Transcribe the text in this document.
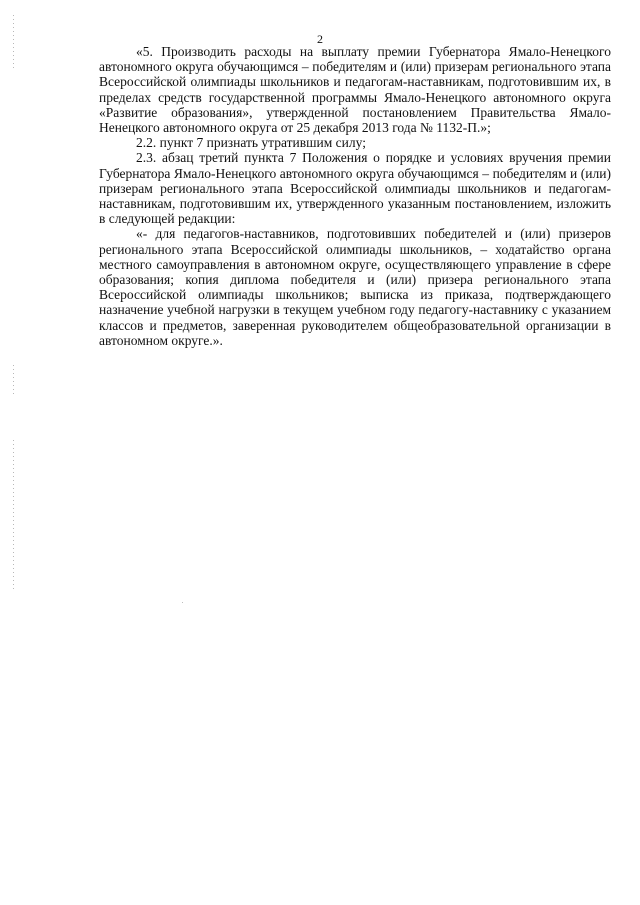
2

«5. Производить расходы на выплату премии Губернатора Ямало-Ненецкого автономного округа обучающимся – победителям и (или) призерам регионального этапа Всероссийской олимпиады школьников и педагогам-наставникам, подготовившим их, в пределах средств государственной программы Ямало-Ненецкого автономного округа «Развитие образования», утвержденной постановлением Правительства Ямало-Ненецкого автономного округа от 25 декабря 2013 года № 1132-П.»;

2.2. пункт 7 признать утратившим силу;

2.3. абзац третий пункта 7 Положения о порядке и условиях вручения премии Губернатора Ямало-Ненецкого автономного округа обучающимся – победителям и (или) призерам регионального этапа Всероссийской олимпиады школьников и педагогам-наставникам, подготовившим их, утвержденного указанным постановлением, изложить в следующей редакции:

«- для педагогов-наставников, подготовивших победителей и (или) призеров регионального этапа Всероссийской олимпиады школьников, – ходатайство органа местного самоуправления в автономном округе, осуществляющего управление в сфере образования; копия диплома победителя и (или) призера регионального этапа Всероссийской олимпиады школьников; выписка из приказа, подтверждающего назначение учебной нагрузки в текущем учебном году педагогу-наставнику с указанием классов и предметов, заверенная руководителем общеобразовательной организации в автономном округе.».
